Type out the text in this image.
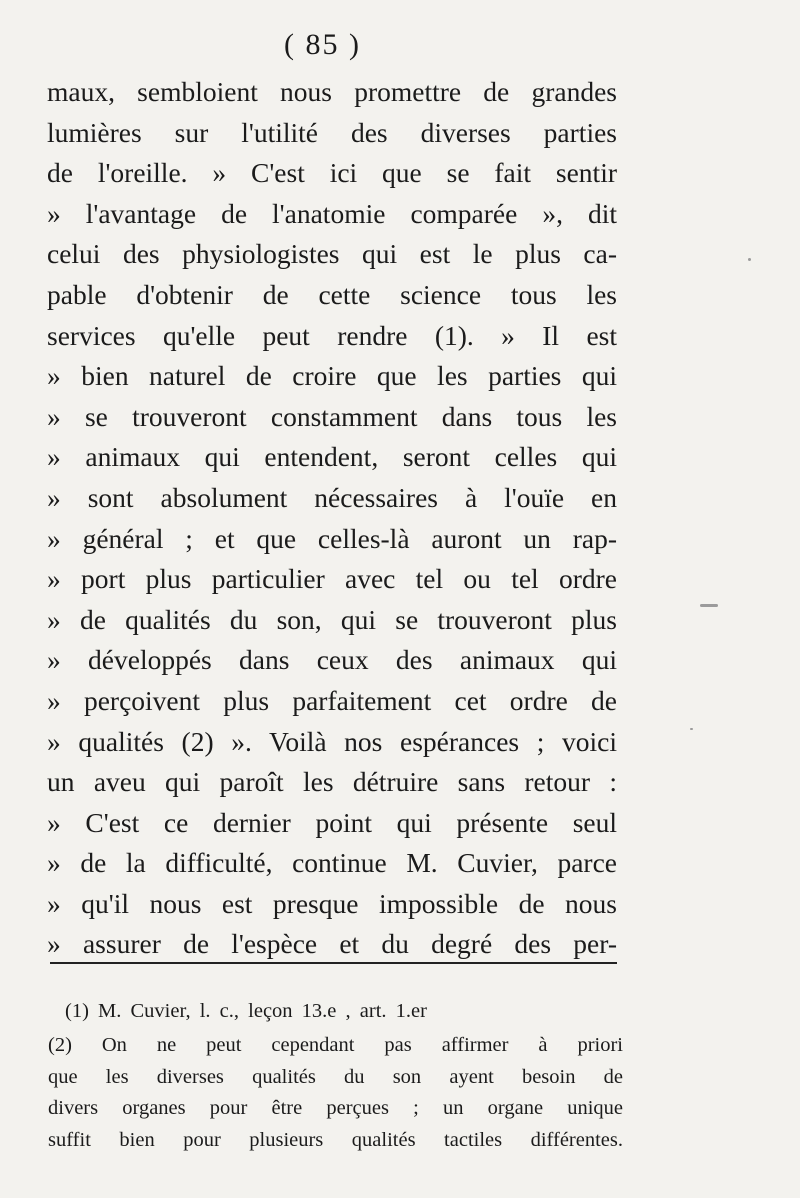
( 85 )
maux, sembloient nous promettre de grandes
lumières sur l'utilité des diverses parties
de l'oreille. » C'est ici que se fait sentir
» l'avantage de l'anatomie comparée », dit
celui des physiologistes qui est le plus ca-
pable d'obtenir de cette science tous les
services qu'elle peut rendre (1). » Il est
» bien naturel de croire que les parties qui
» se trouveront constamment dans tous les
» animaux qui entendent, seront celles qui
» sont absolument nécessaires à l'ouïe en
» général ; et que celles-là auront un rap-
» port plus particulier avec tel ou tel ordre
» de qualités du son, qui se trouveront plus
» développés dans ceux des animaux qui
» perçoivent plus parfaitement cet ordre de
» qualités (2) ». Voilà nos espérances ; voici
un aveu qui paroît les détruire sans retour :
» C'est ce dernier point qui présente seul
» de la difficulté, continue M. Cuvier, parce
» qu'il nous est presque impossible de nous
» assurer de l'espèce et du degré des per-
(1) M. Cuvier, l. c., leçon 13.e , art. 1.er
(2) On ne peut cependant pas affirmer à priori
que les diverses qualités du son ayent besoin de
divers organes pour être perçues ; un organe unique
suffit bien pour plusieurs qualités tactiles différentes.
